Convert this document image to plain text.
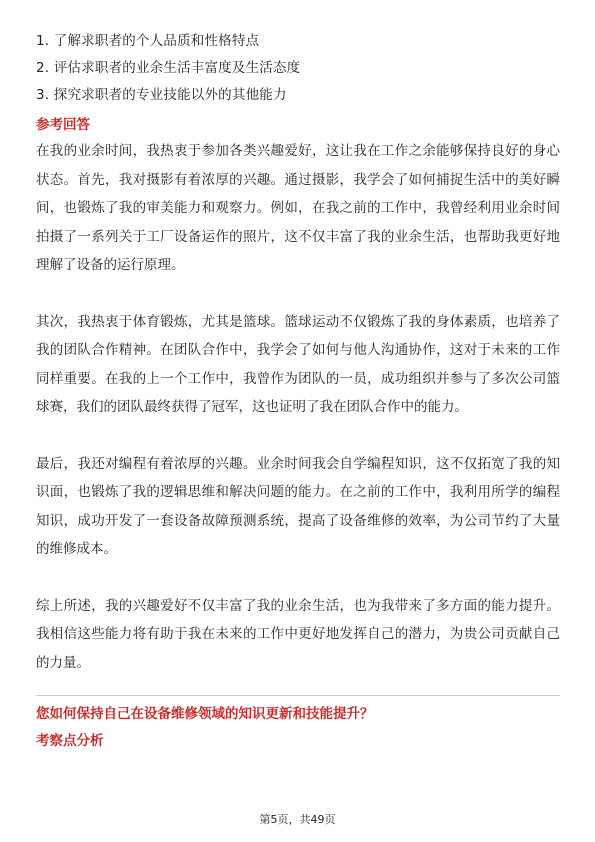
1. 了解求职者的个人品质和性格特点
2. 评估求职者的业余生活丰富度及生活态度
3. 探究求职者的专业技能以外的其他能力
参考回答

在我的业余时间，我热衷于参加各类兴趣爱好，这让我在工作之余能够保持良好的身心状态。首先，我对摄影有着浓厚的兴趣。通过摄影，我学会了如何捕捉生活中的美好瞬间，也锻炼了我的审美能力和观察力。例如，在我之前的工作中，我曾经利用业余时间拍摄了一系列关于工厂设备运作的照片，这不仅丰富了我的业余生活，也帮助我更好地理解了设备的运行原理。

其次，我热衷于体育锻炼，尤其是篮球。篮球运动不仅锻炼了我的身体素质，也培养了我的团队合作精神。在团队合作中，我学会了如何与他人沟通协作，这对于未来的工作同样重要。在我的上一个工作中，我曾作为团队的一员，成功组织并参与了多次公司篮球赛，我们的团队最终获得了冠军，这也证明了我在团队合作中的能力。

最后，我还对编程有着浓厚的兴趣。业余时间我会自学编程知识，这不仅拓宽了我的知识面，也锻炼了我的逻辑思维和解决问题的能力。在之前的工作中，我利用所学的编程知识，成功开发了一套设备故障预测系统，提高了设备维修的效率，为公司节约了大量的维修成本。

综上所述，我的兴趣爱好不仅丰富了我的业余生活，也为我带来了多方面的能力提升。我相信这些能力将有助于我在未来的工作中更好地发挥自己的潜力，为贵公司贡献自己的力量。

您如何保持自己在设备维修领域的知识更新和技能提升？
考察点分析
第5页，共49页
